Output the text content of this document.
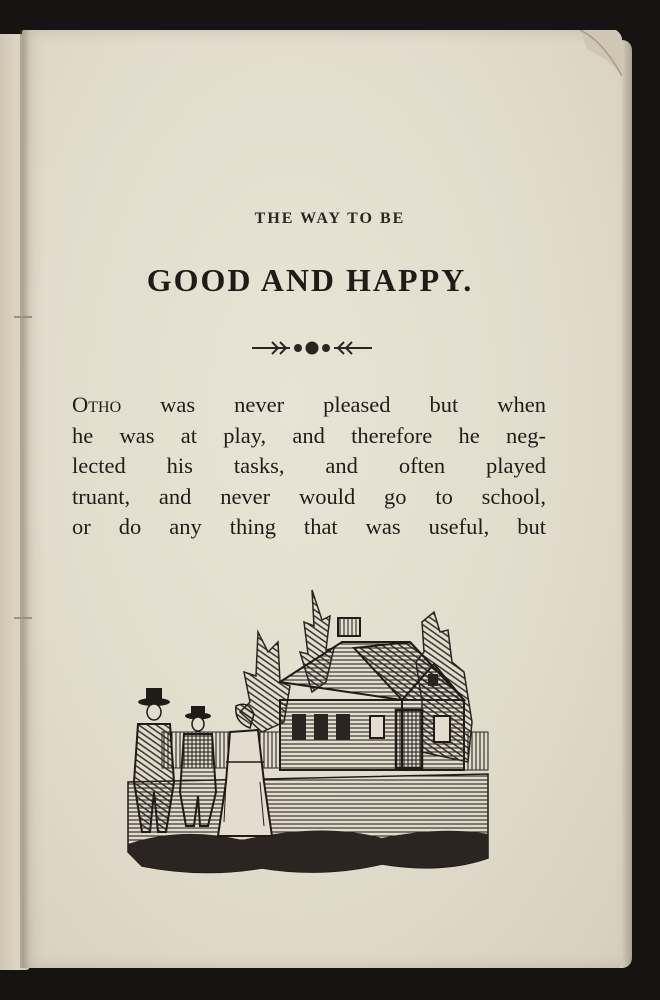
THE WAY TO BE
GOOD AND HAPPY.
Otho was never pleased but when
he was at play, and therefore he neg-
lected his tasks, and often played
truant, and never would go to school,
or do any thing that was useful, but
